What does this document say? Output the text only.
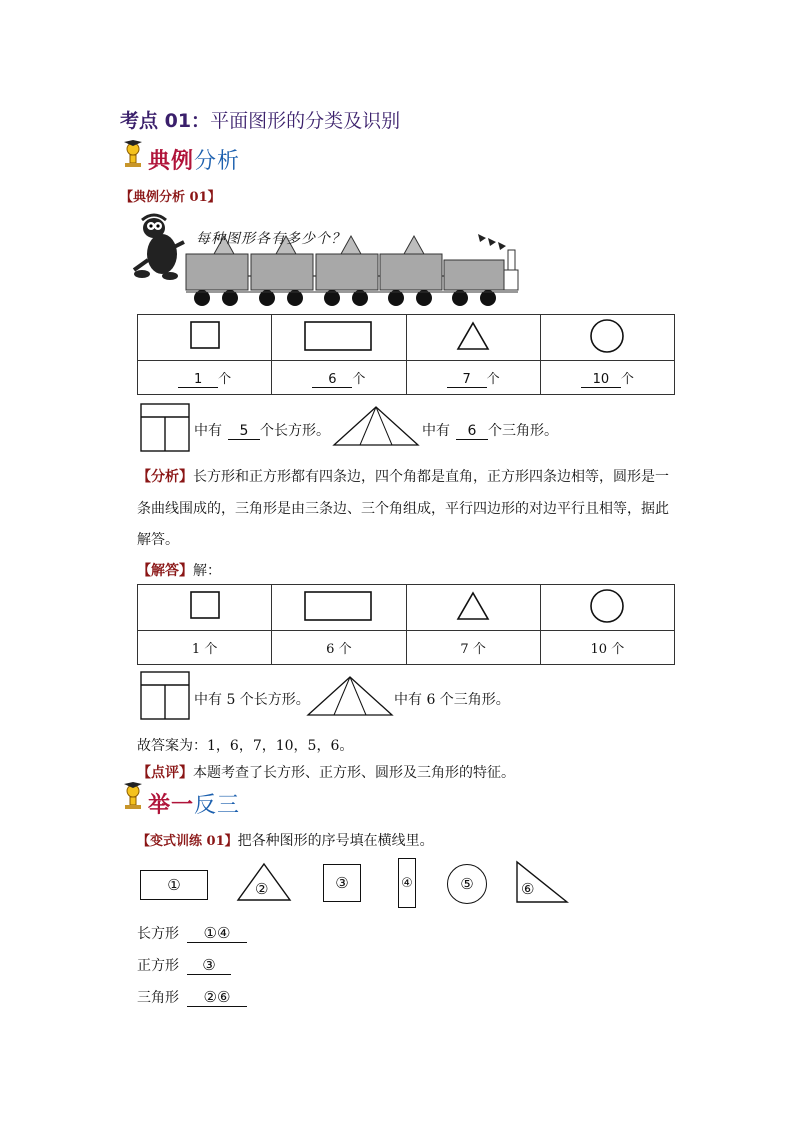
考点 01：平面图形的分类及识别
典例分析
【典例分析 01】
每种图形各有多少个？

1 个	6 个	7 个	10 个
中有 5 个长方形。	中有 6 个三角形。
【分析】长方形和正方形都有四条边，四个角都是直角，正方形四条边相等，圆形是一
条曲线围成的，三角形是由三条边、三个角组成，平行四边形的对边平行且相等，据此
解答。
【解答】解：

1 个	6 个	7 个	10 个
中有 5 个长方形。	中有 6 个三角形。
故答案为：1，6，7，10，5，6。
【点评】本题考查了长方形、正方形、圆形及三角形的特征。
举一反三
【变式训练 01】把各种图形的序号填在横线里。
①	②	③	④	⑤	⑥
长方形 ①④
正方形 ③
三角形 ②⑥
